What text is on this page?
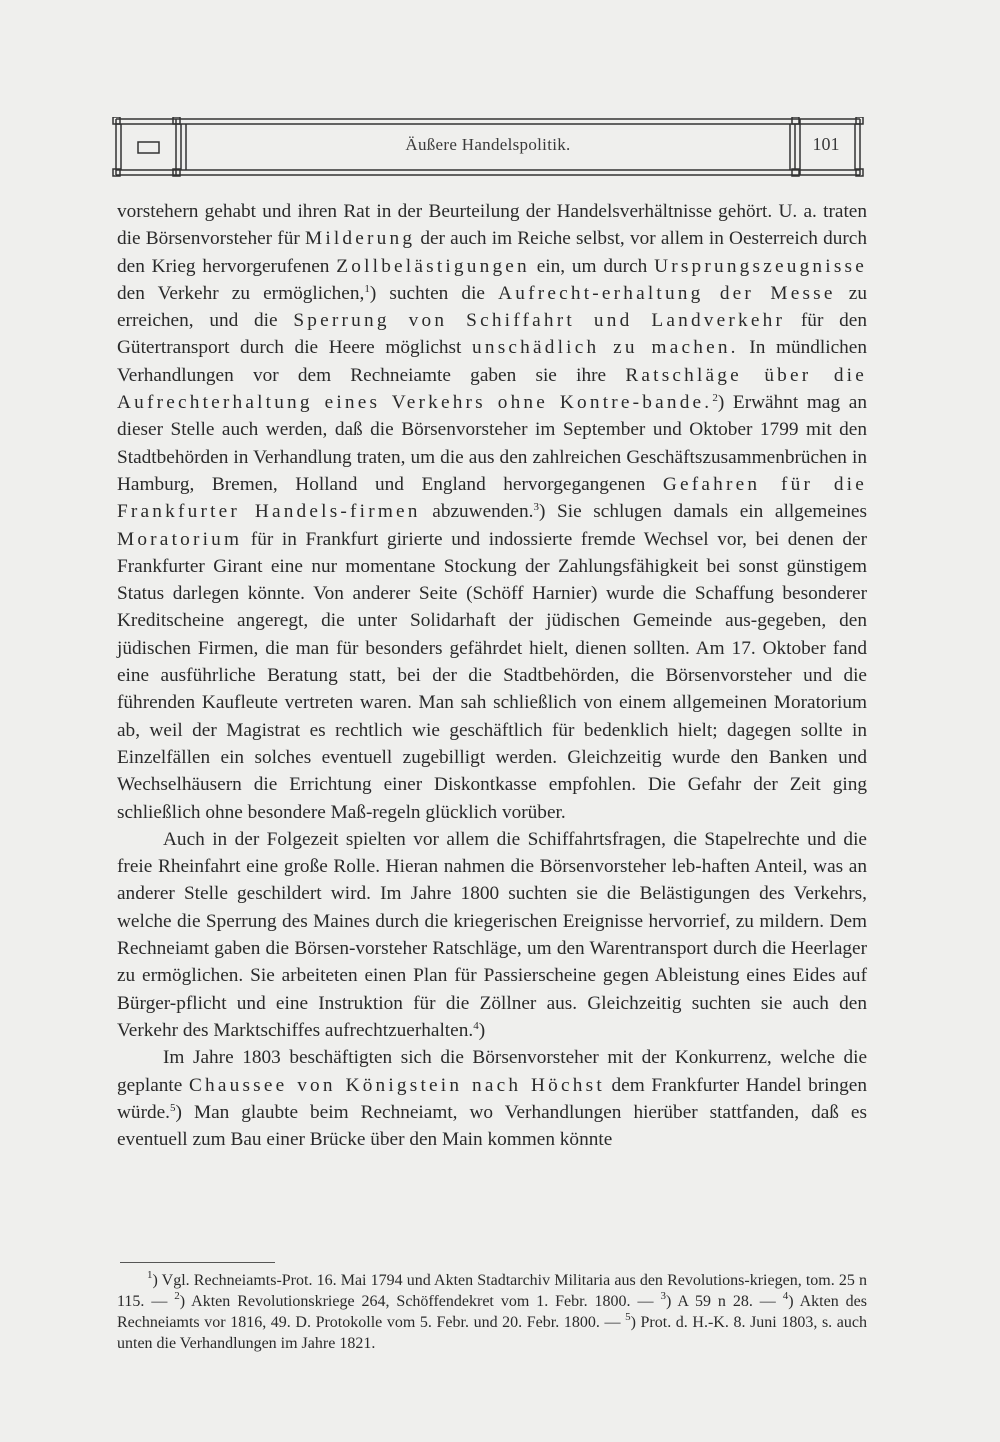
Äußere Handelspolitik.	101

vorstehern gehabt und ihren Rat in der Beurteilung der Handelsverhältnisse gehört. U. a. traten die Börsenvorsteher für Milderung der auch im Reiche selbst, vor allem in Oesterreich durch den Krieg hervorgerufenen Zollbelästigungen ein, um durch Ursprungszeugnisse den Verkehr zu ermöglichen,$^1$) suchten die Aufrecht-erhaltung der Messe zu erreichen, und die Sperrung von Schiffahrt und Landverkehr für den Gütertransport durch die Heere möglichst unschädlich zu machen. In mündlichen Verhandlungen vor dem Rechneiamte gaben sie ihre Ratschläge über die Aufrechterhaltung eines Verkehrs ohne Kontre-bande.$^2$) Erwähnt mag an dieser Stelle auch werden, daß die Börsenvorsteher im September und Oktober 1799 mit den Stadtbehörden in Verhandlung traten, um die aus den zahlreichen Geschäftszusammenbrüchen in Hamburg, Bremen, Holland und England hervorgegangenen Gefahren für die Frankfurter Handels-firmen abzuwenden.$^3$) Sie schlugen damals ein allgemeines Moratorium für in Frankfurt girierte und indossierte fremde Wechsel vor, bei denen der Frankfurter Girant eine nur momentane Stockung der Zahlungsfähigkeit bei sonst günstigem Status darlegen könnte. Von anderer Seite (Schöff Harnier) wurde die Schaffung besonderer Kreditscheine angeregt, die unter Solidarhaft der jüdischen Gemeinde aus-gegeben, den jüdischen Firmen, die man für besonders gefährdet hielt, dienen sollten. Am 17. Oktober fand eine ausführliche Beratung statt, bei der die Stadtbehörden, die Börsenvorsteher und die führenden Kaufleute vertreten waren. Man sah schließlich von einem allgemeinen Moratorium ab, weil der Magistrat es rechtlich wie geschäftlich für bedenklich hielt; dagegen sollte in Einzelfällen ein solches eventuell zugebilligt werden. Gleichzeitig wurde den Banken und Wechselhäusern die Errichtung einer Diskontkasse empfohlen. Die Gefahr der Zeit ging schließlich ohne besondere Maß-regeln glücklich vorüber.

Auch in der Folgezeit spielten vor allem die Schiffahrtsfragen, die Stapelrechte und die freie Rheinfahrt eine große Rolle. Hieran nahmen die Börsenvorsteher leb-haften Anteil, was an anderer Stelle geschildert wird. Im Jahre 1800 suchten sie die Belästigungen des Verkehrs, welche die Sperrung des Maines durch die kriegerischen Ereignisse hervorrief, zu mildern. Dem Rechneiamt gaben die Börsen-vorsteher Ratschläge, um den Warentransport durch die Heerlager zu ermöglichen. Sie arbeiteten einen Plan für Passierscheine gegen Ableistung eines Eides auf Bürger-pflicht und eine Instruktion für die Zöllner aus. Gleichzeitig suchten sie auch den Verkehr des Marktschiffes aufrechtzuerhalten.$^4$)

Im Jahre 1803 beschäftigten sich die Börsenvorsteher mit der Konkurrenz, welche die geplante Chaussee von Königstein nach Höchst dem Frankfurter Handel bringen würde.$^5$) Man glaubte beim Rechneiamt, wo Verhandlungen hierüber stattfanden, daß es eventuell zum Bau einer Brücke über den Main kommen könnte

$^1$) Vgl. Rechneiamts-Prot. 16. Mai 1794 und Akten Stadtarchiv Militaria aus den Revolutions-kriegen, tom. 25 n 115. — $^2$) Akten Revolutionskriege 264, Schöffendekret vom 1. Febr. 1800. — $^3$) A 59 n 28. — $^4$) Akten des Rechneiamts vor 1816, 49. D. Protokolle vom 5. Febr. und 20. Febr. 1800. — $^5$) Prot. d. H.-K. 8. Juni 1803, s. auch unten die Verhandlungen im Jahre 1821.
